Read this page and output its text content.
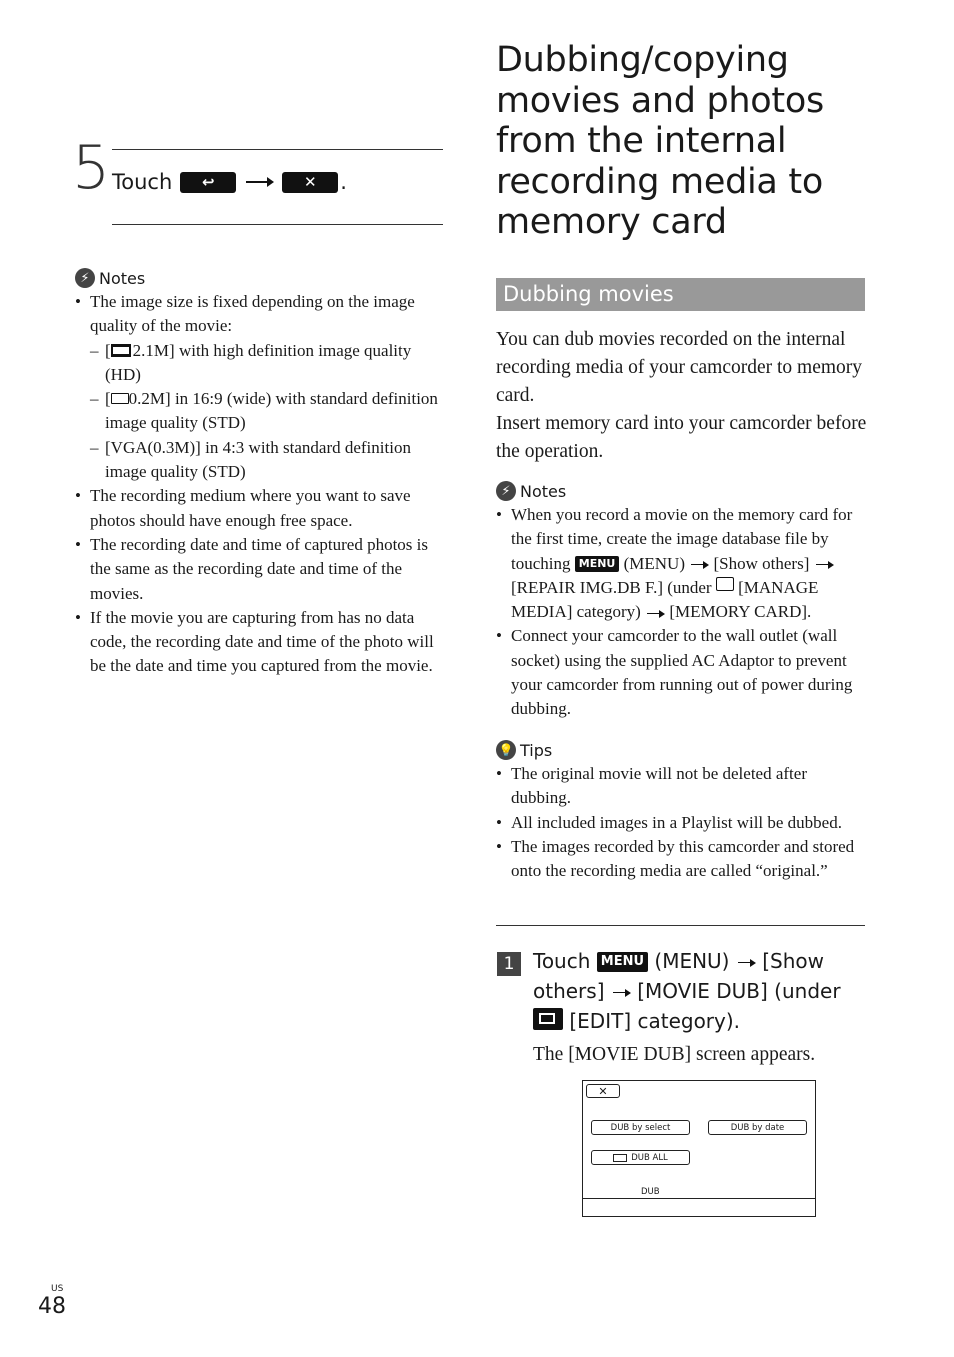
5 Touch	↩	✕	.
⚡ Notes
• The image size is fixed depending on the image quality of the movie:
– [ 2.1M] with high definition image quality (HD)
– [ 0.2M] in 16:9 (wide) with standard definition image quality (STD)
– [VGA(0.3M)] in 4:3 with standard definition image quality (STD)
• The recording medium where you want to save photos should have enough free space.
• The recording date and time of captured photos is the same as the recording date and time of the movies.
• If the movie you are capturing from has no data code, the recording date and time of the photo will be the date and time you captured from the movie.
Dubbing/copying movies and photos from the internal recording media to memory card
Dubbing movies
You can dub movies recorded on the internal recording media of your camcorder to memory card.
Insert memory card into your camcorder before the operation.
⚡ Notes
• When you record a movie on the memory card for the first time, create the image database file by touching MENU (MENU) [Show others]  [REPAIR IMG.DB F.] (under [MANAGE MEDIA] category) [MEMORY CARD].
• Connect your camcorder to the wall outlet (wall socket) using the supplied AC Adaptor to prevent your camcorder from running out of power during dubbing.
💡 Tips
• The original movie will not be deleted after dubbing.
• All included images in a Playlist will be dubbed.
• The images recorded by this camcorder and stored onto the recording media are called “original.”
1 Touch MENU (MENU) [Show others] [MOVIE DUB] (under  [EDIT] category).
The [MOVIE DUB] screen appears.
✕
DUB by select	DUB by date
DUB ALL
DUB
US
48
